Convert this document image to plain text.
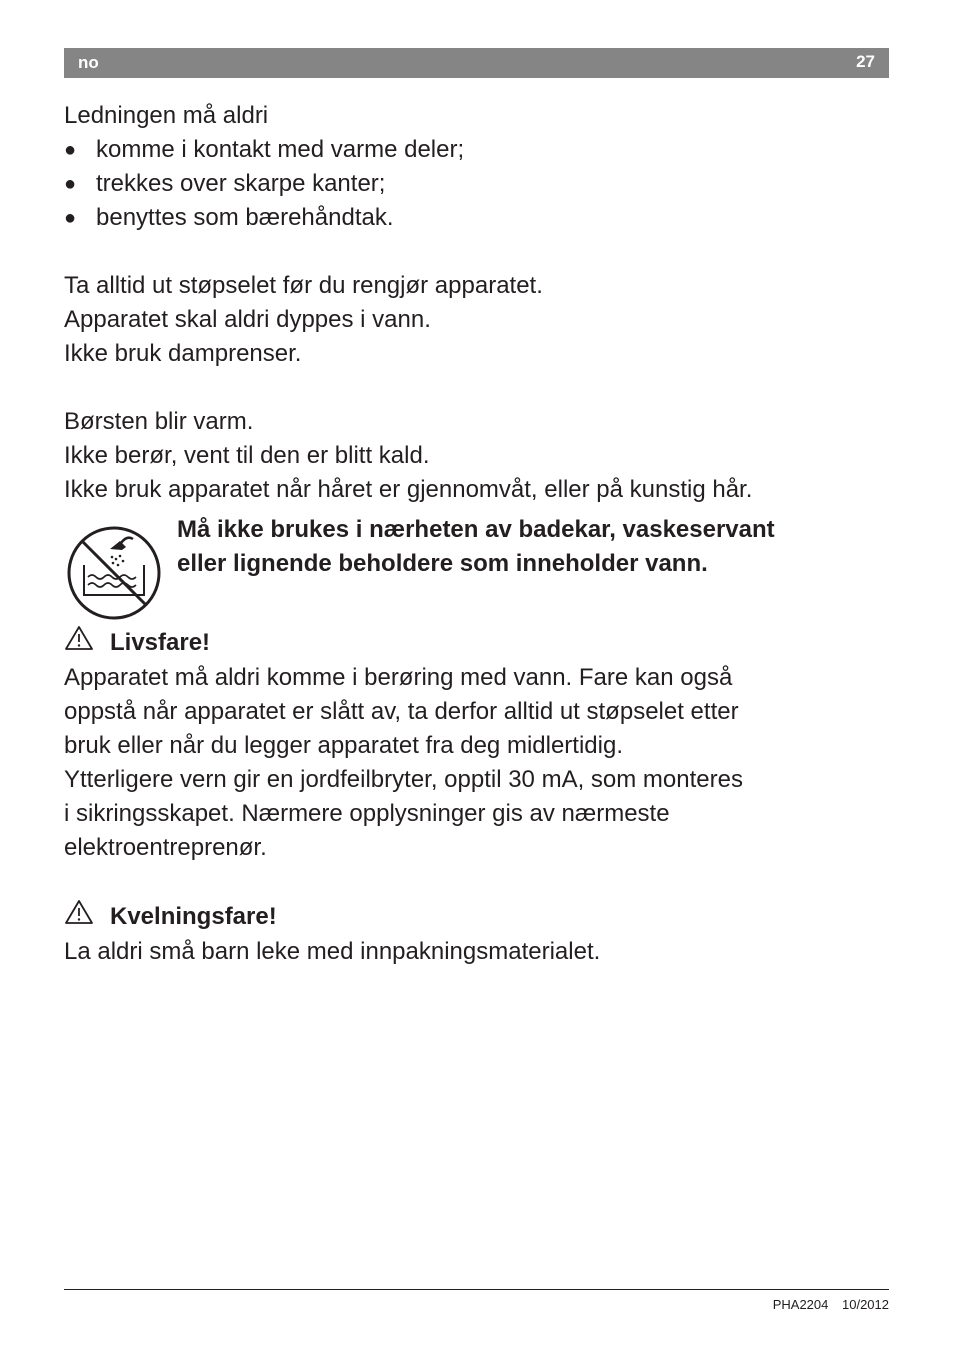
no	27
Ledningen må aldri
● komme i kontakt med varme deler;
● trekkes over skarpe kanter;
● benyttes som bærehåndtak.
Ta alltid ut støpselet før du rengjør apparatet.
Apparatet skal aldri dyppes i vann.
Ikke bruk damprenser.
Børsten blir varm.
Ikke berør, vent til den er blitt kald.
Ikke bruk apparatet når håret er gjennomvåt, eller på kunstig hår.
Må ikke brukes i nærheten av badekar, vaskeservant
eller lignende beholdere som inneholder vann.
Livsfare!
Apparatet må aldri komme i berøring med vann. Fare kan også
oppstå når apparatet er slått av, ta derfor alltid ut støpselet etter
bruk eller når du legger apparatet fra deg midlertidig.
Ytterligere vern gir en jordfeilbryter, opptil 30 mA, som monteres
i sikringsskapet. Nærmere opplysninger gis av nærmeste
elektroentreprenør.
Kvelningsfare!
La aldri små barn leke med innpakningsmaterialet.
PHA2204 10/2012
